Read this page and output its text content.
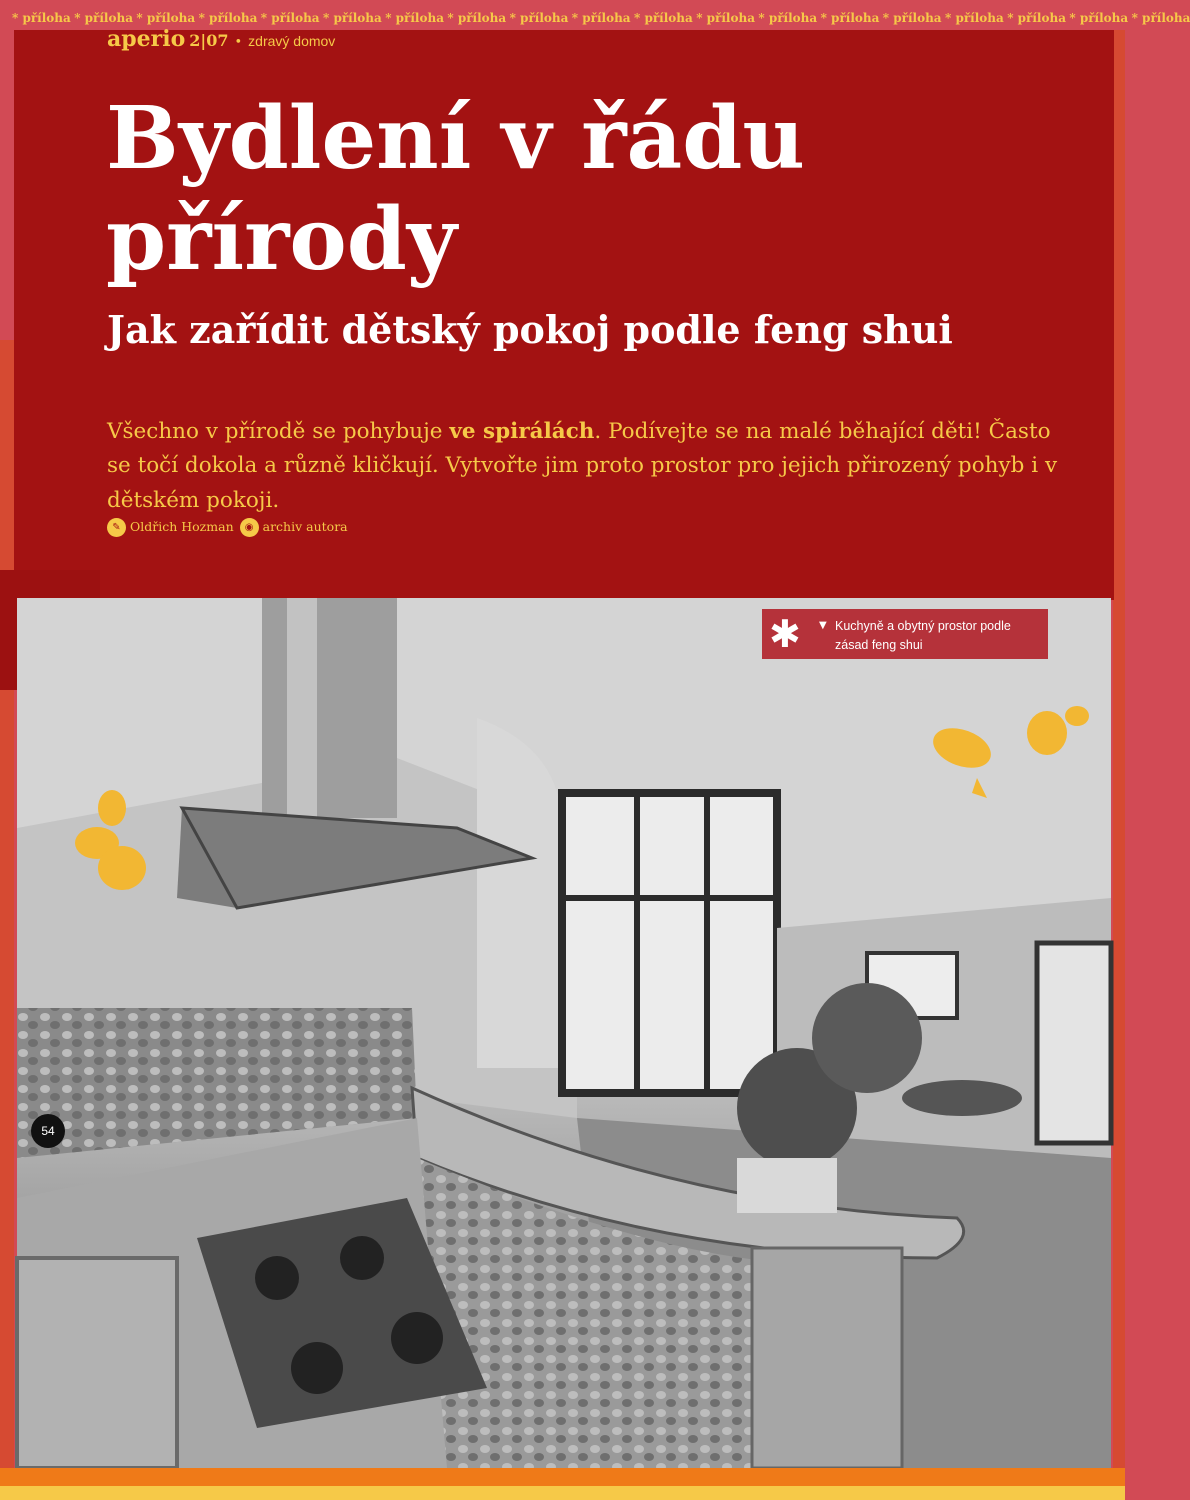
* příloha * příloha * příloha * příloha * příloha * příloha * příloha * příloha * příloha * příloha * příloha * příloha * příloha * příloha * příloha * příloha * příloha * příloha * příloha
aperio 2|07 • zdravý domov
Bydlení v řádu přírody
Jak zařídit dětský pokoj podle feng shui

Všechno v přírodě se pohybuje ve spirálách. Podívejte se na malé běhající děti! Často se točí dokola a různě kličkují. Vytvořte jim proto prostor pro jejich přirozený pohyb i v dětském pokoji.

✎ Oldřich Hozman ◉ archiv autora
✱ ▼ Kuchyně a obytný prostor podle zásad feng shui
54
